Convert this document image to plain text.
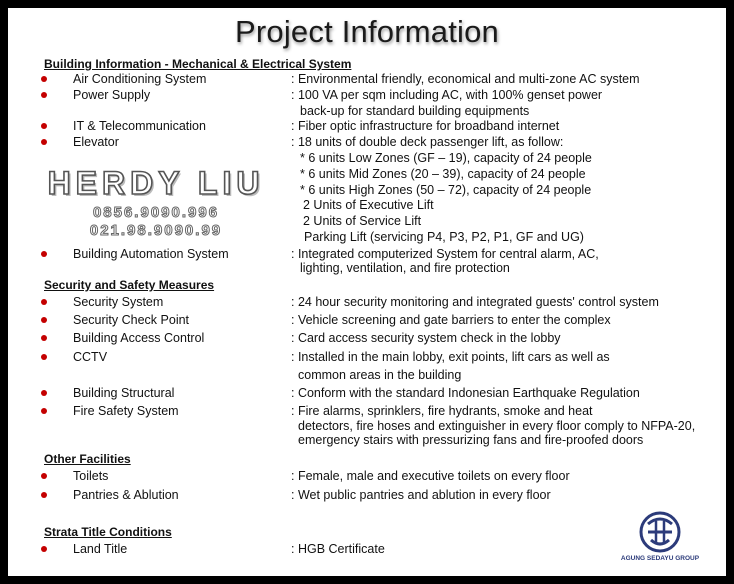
Project Information
Building Information - Mechanical & Electrical System
Air Conditioning System	: Environmental friendly, economical and multi-zone AC system
Power Supply	: 100 VA per sqm including AC, with 100% genset power
back-up for standard building equipments
IT & Telecommunication	: Fiber optic infrastructure for broadband internet
Elevator	: 18 units of double deck passenger lift, as follow:
* 6 units Low Zones (GF – 19), capacity of 24 people
* 6 units Mid Zones (20 – 39), capacity of 24 people
* 6 units High Zones (50 – 72), capacity of 24 people
2 Units of Executive Lift
2 Units of Service Lift
Parking Lift (servicing P4, P3, P2, P1, GF and UG)
Building Automation System	: Integrated computerized System for central alarm, AC,
lighting, ventilation, and fire protection
Security and Safety Measures
Security System	: 24 hour security monitoring and integrated guests' control system
Security Check Point	: Vehicle screening and gate barriers to enter the complex
Building Access Control	: Card access security system check in the lobby
CCTV	: Installed in the main lobby, exit points, lift cars as well as
common areas in the building
Building Structural	: Conform with the standard Indonesian Earthquake Regulation
Fire Safety System	: Fire alarms, sprinklers, fire hydrants, smoke and heat
detectors, fire hoses and extinguisher in every floor comply to NFPA-20,
emergency stairs with pressurizing fans and fire-proofed doors
Other Facilities
Toilets	: Female, male and executive toilets on every floor
Pantries & Ablution	: Wet public pantries and ablution in every floor
Strata Title Conditions
Land Title	: HGB Certificate
HERDY LIU
0856.9090.996
021.98.9090.99
AGUNG SEDAYU GROUP
